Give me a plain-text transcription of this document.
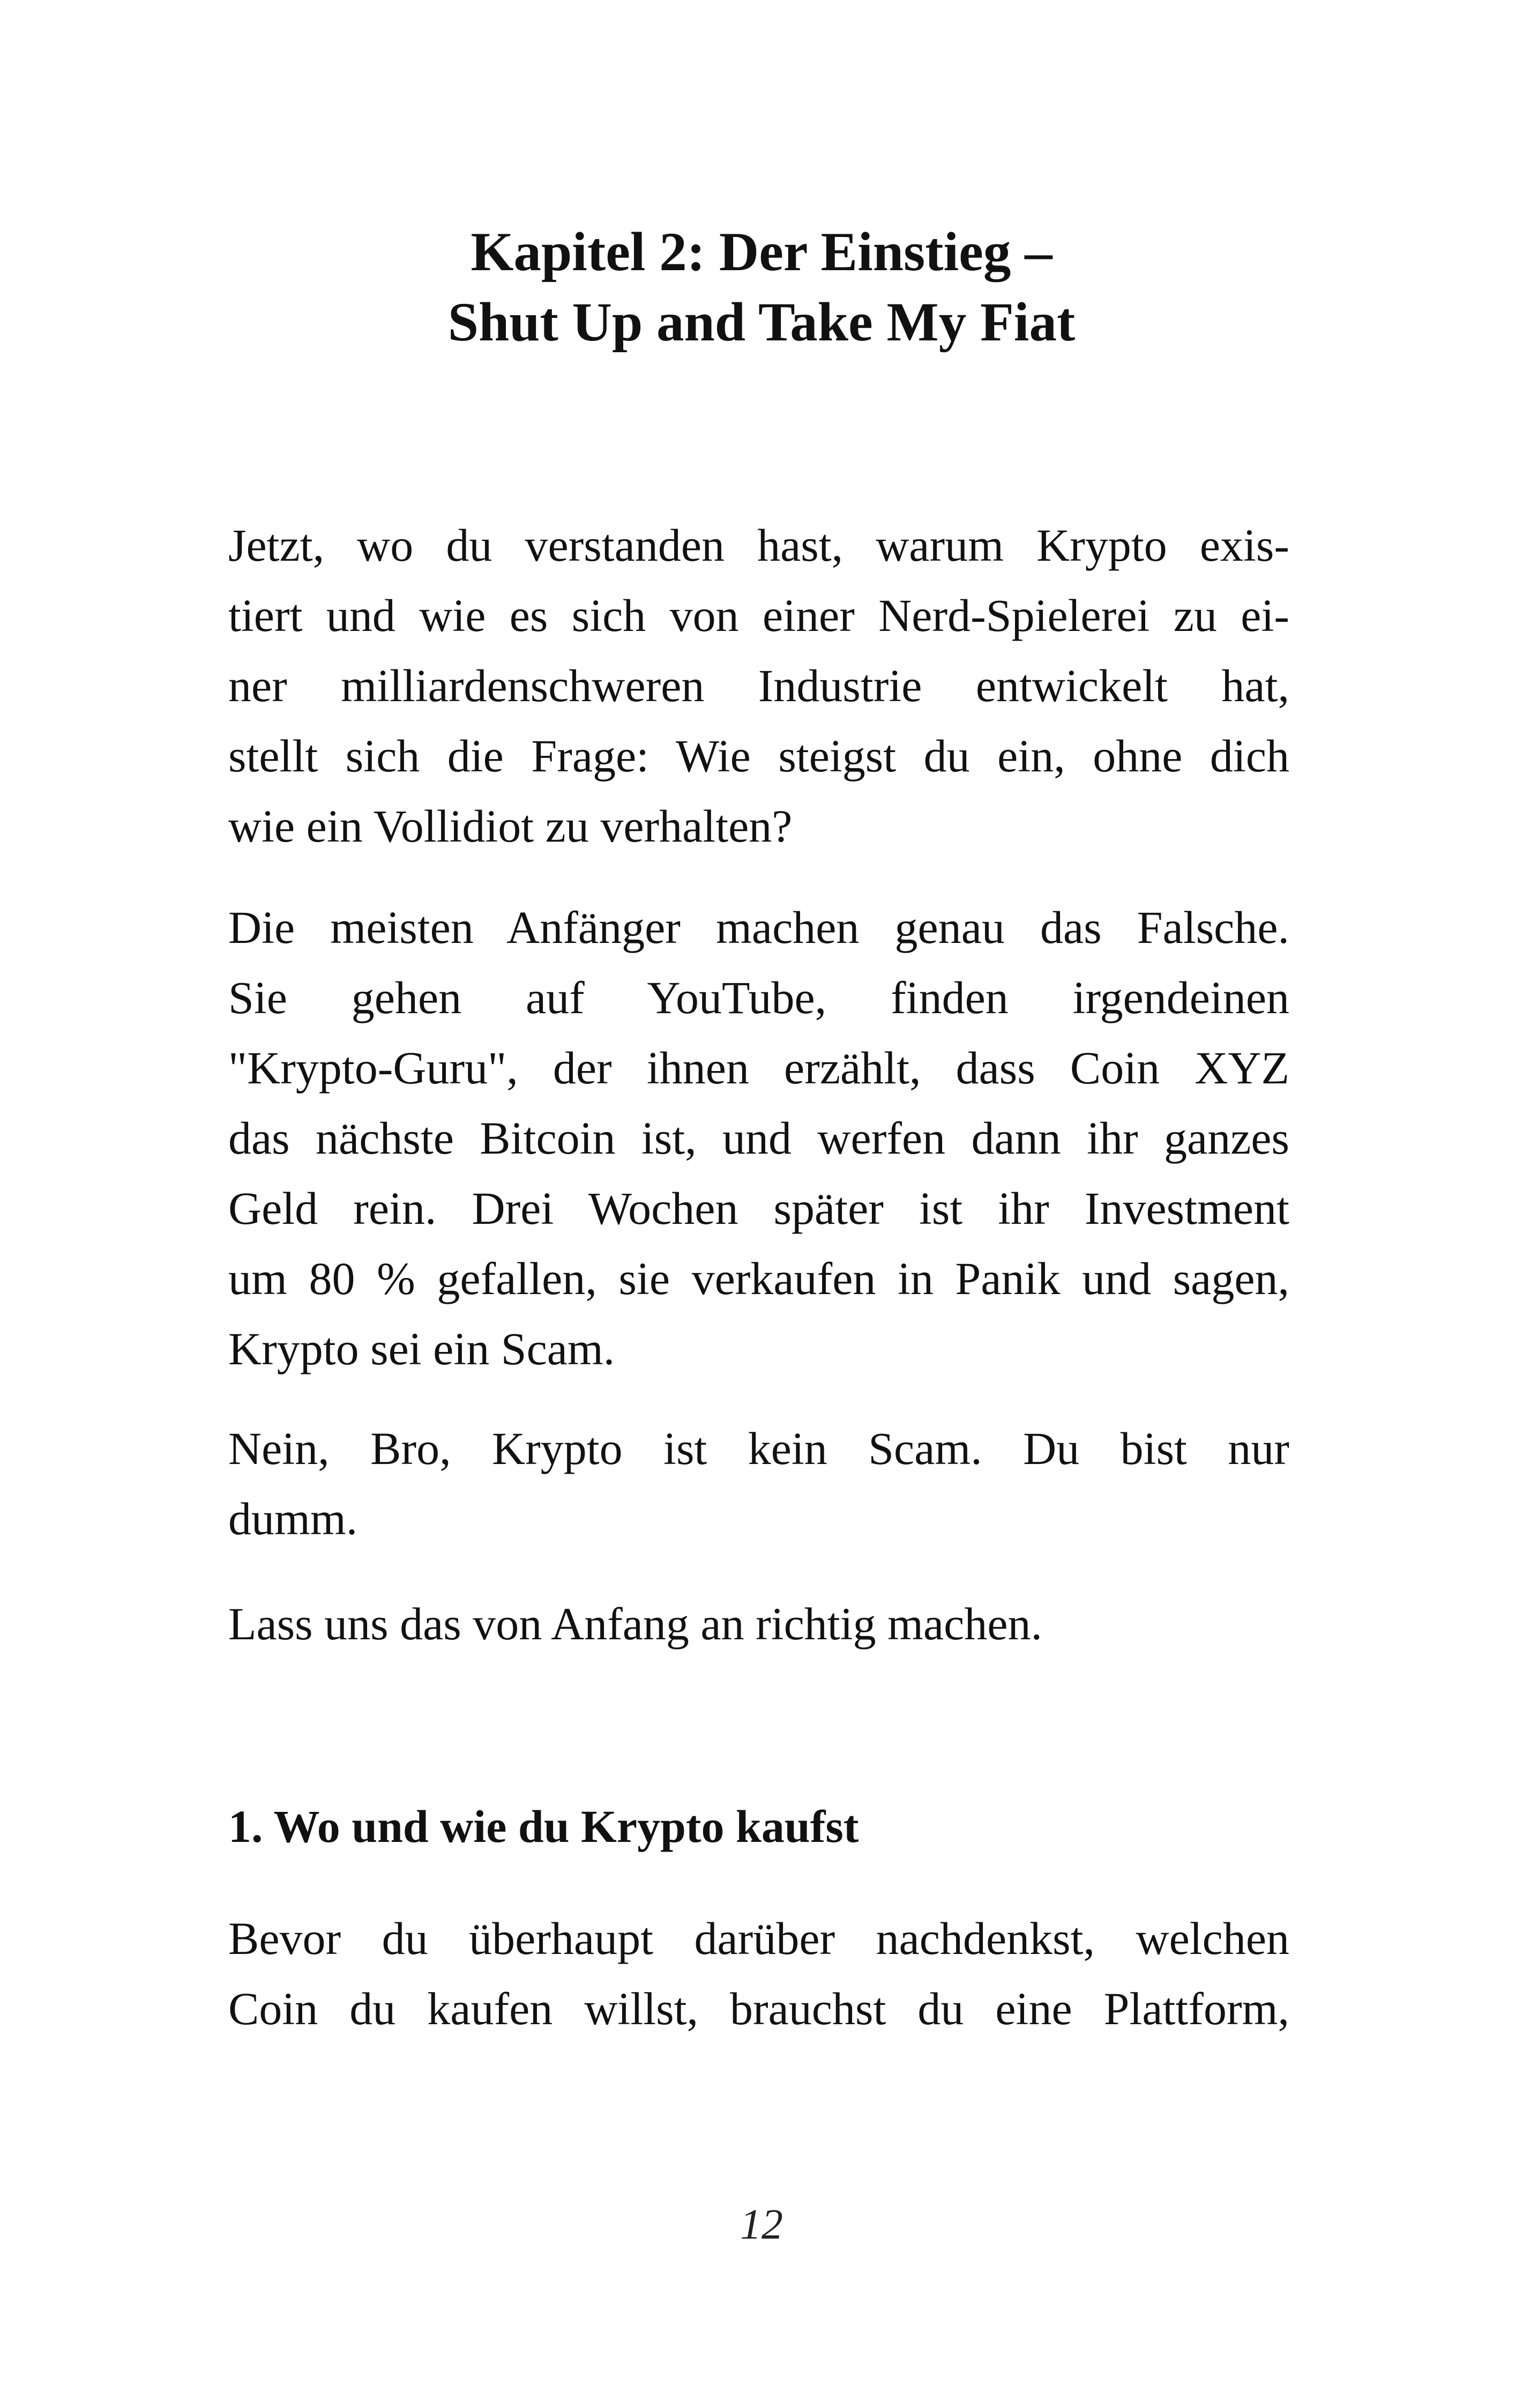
Kapitel 2: Der Einstieg –
Shut Up and Take My Fiat

Jetzt, wo du verstanden hast, warum Krypto exis-
tiert und wie es sich von einer Nerd-Spielerei zu ei-
ner milliardenschweren Industrie entwickelt hat,
stellt sich die Frage: Wie steigst du ein, ohne dich
wie ein Vollidiot zu verhalten?

Die meisten Anfänger machen genau das Falsche.
Sie gehen auf YouTube, finden irgendeinen
"Krypto-Guru", der ihnen erzählt, dass Coin XYZ
das nächste Bitcoin ist, und werfen dann ihr ganzes
Geld rein. Drei Wochen später ist ihr Investment
um 80 % gefallen, sie verkaufen in Panik und sagen,
Krypto sei ein Scam.

Nein, Bro, Krypto ist kein Scam. Du bist nur
dumm.

Lass uns das von Anfang an richtig machen.

1. Wo und wie du Krypto kaufst

Bevor du überhaupt darüber nachdenkst, welchen
Coin du kaufen willst, brauchst du eine Plattform,

12
